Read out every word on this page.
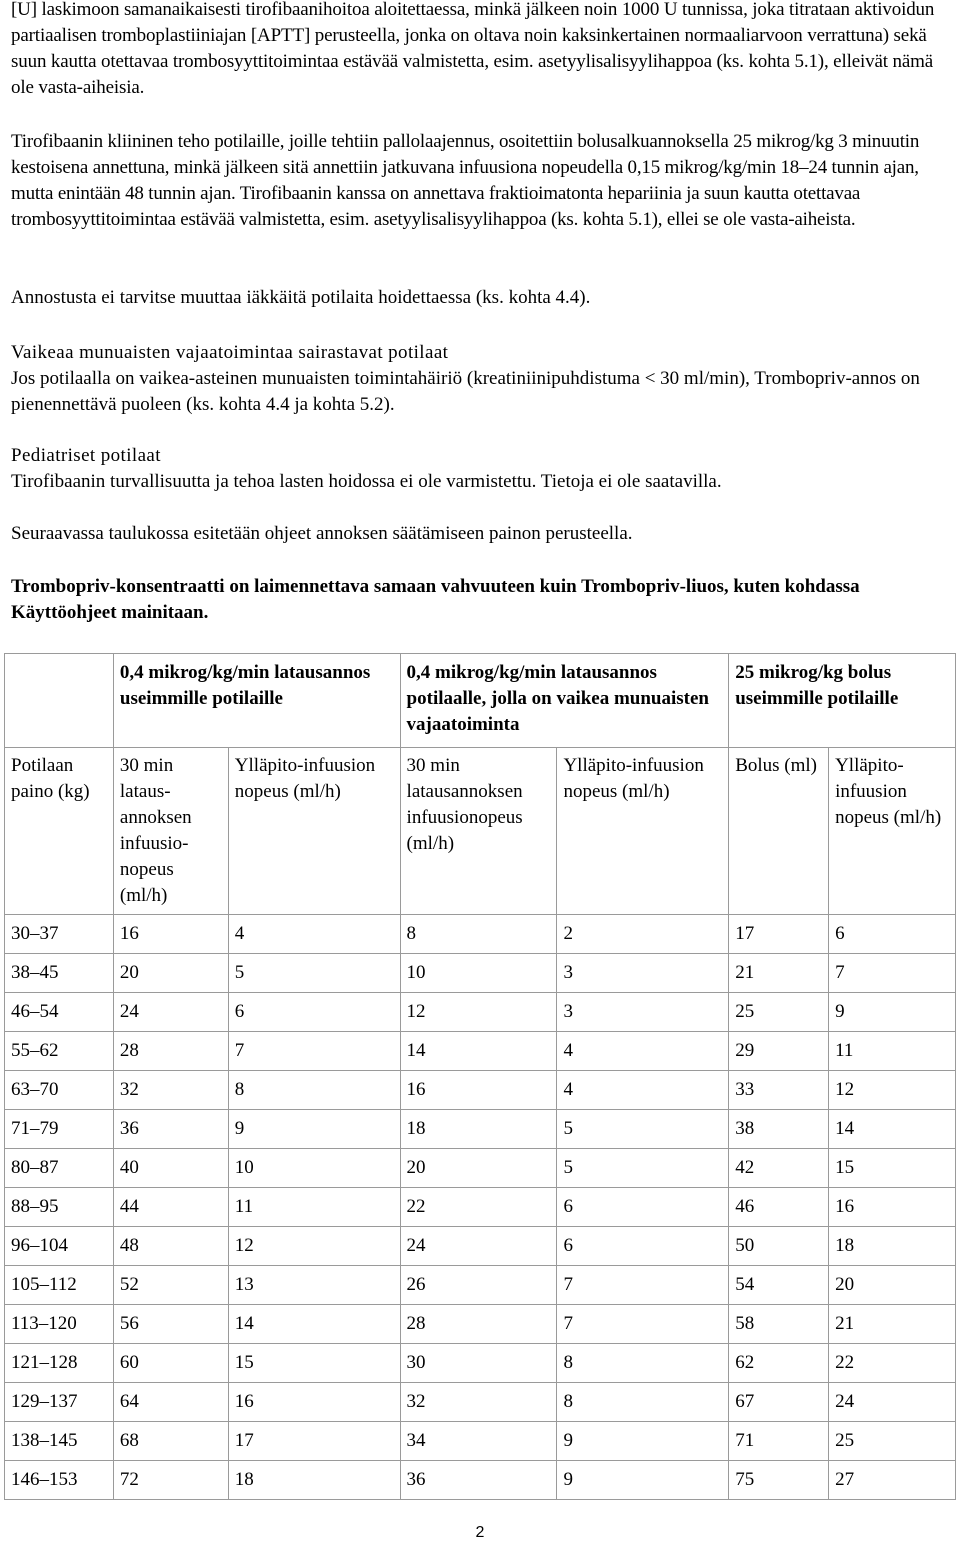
[U] laskimoon samanaikaisesti tirofibaanihoitoa aloitettaessa, minkä jälkeen noin 1000 U tunnissa, joka titrataan aktivoidun partiaalisen tromboplastiiniajan [APTT] perusteella, jonka on oltava noin kaksinkertainen normaaliarvoon verrattuna) sekä suun kautta otettavaa trombosyyttitoimintaa estävää valmistetta, esim. asetyylisalisyylihappoa (ks. kohta 5.1), elleivät nämä ole vasta-aiheisia.

Tirofibaanin kliininen teho potilaille, joille tehtiin pallolaajennus, osoitettiin bolusalkuannoksella 25 mikrog/kg 3 minuutin kestoisena annettuna, minkä jälkeen sitä annettiin jatkuvana infuusiona nopeudella 0,15 mikrog/kg/min 18–24 tunnin ajan, mutta enintään 48 tunnin ajan. Tirofibaanin kanssa on annettava fraktioimatonta hepariinia ja suun kautta otettavaa trombosyyttitoimintaa estävää valmistetta, esim. asetyylisalisyylihappoa (ks. kohta 5.1), ellei se ole vasta-aiheista.

Annostusta ei tarvitse muuttaa iäkkäitä potilaita hoidettaessa (ks. kohta 4.4).

Vaikeaa munuaisten vajaatoimintaa sairastavat potilaat
Jos potilaalla on vaikea-asteinen munuaisten toimintahäiriö (kreatiniinipuhdistuma < 30 ml/min), Trombopriv-annos on pienennettävä puoleen (ks. kohta 4.4 ja kohta 5.2).
Pediatriset potilaat
Tirofibaanin turvallisuutta ja tehoa lasten hoidossa ei ole varmistettu. Tietoja ei ole saatavilla.

Seuraavassa taulukossa esitetään ohjeet annoksen säätämiseen painon perusteella.

Trombopriv-konsentraatti on laimennettava samaan vahvuuteen kuin Trombopriv-liuos, kuten kohdassa Käyttöohjeet mainitaan.

	0,4 mikrog/kg/min latausannos useimmille potilaille		0,4 mikrog/kg/min latausannos potilaalle, jolla on vaikea munuaisten vajaatoiminta		25 mikrog/kg bolus useimmille potilaille	
Potilaan paino (kg)	30 min lataus-annoksen infuusio-nopeus (ml/h)	Ylläpito-infuusion nopeus (ml/h)	30 min latausannoksen infuusionopeus (ml/h)	Ylläpito-infuusion nopeus (ml/h)	Bolus (ml)	Ylläpito-infuusion nopeus (ml/h)
30–37	16	4	8	2	17	6
38–45	20	5	10	3	21	7
46–54	24	6	12	3	25	9
55–62	28	7	14	4	29	11
63–70	32	8	16	4	33	12
71–79	36	9	18	5	38	14
80–87	40	10	20	5	42	15
88–95	44	11	22	6	46	16
96–104	48	12	24	6	50	18
105–112	52	13	26	7	54	20
113–120	56	14	28	7	58	21
121–128	60	15	30	8	62	22
129–137	64	16	32	8	67	24
138–145	68	17	34	9	71	25
146–153	72	18	36	9	75	27
2
